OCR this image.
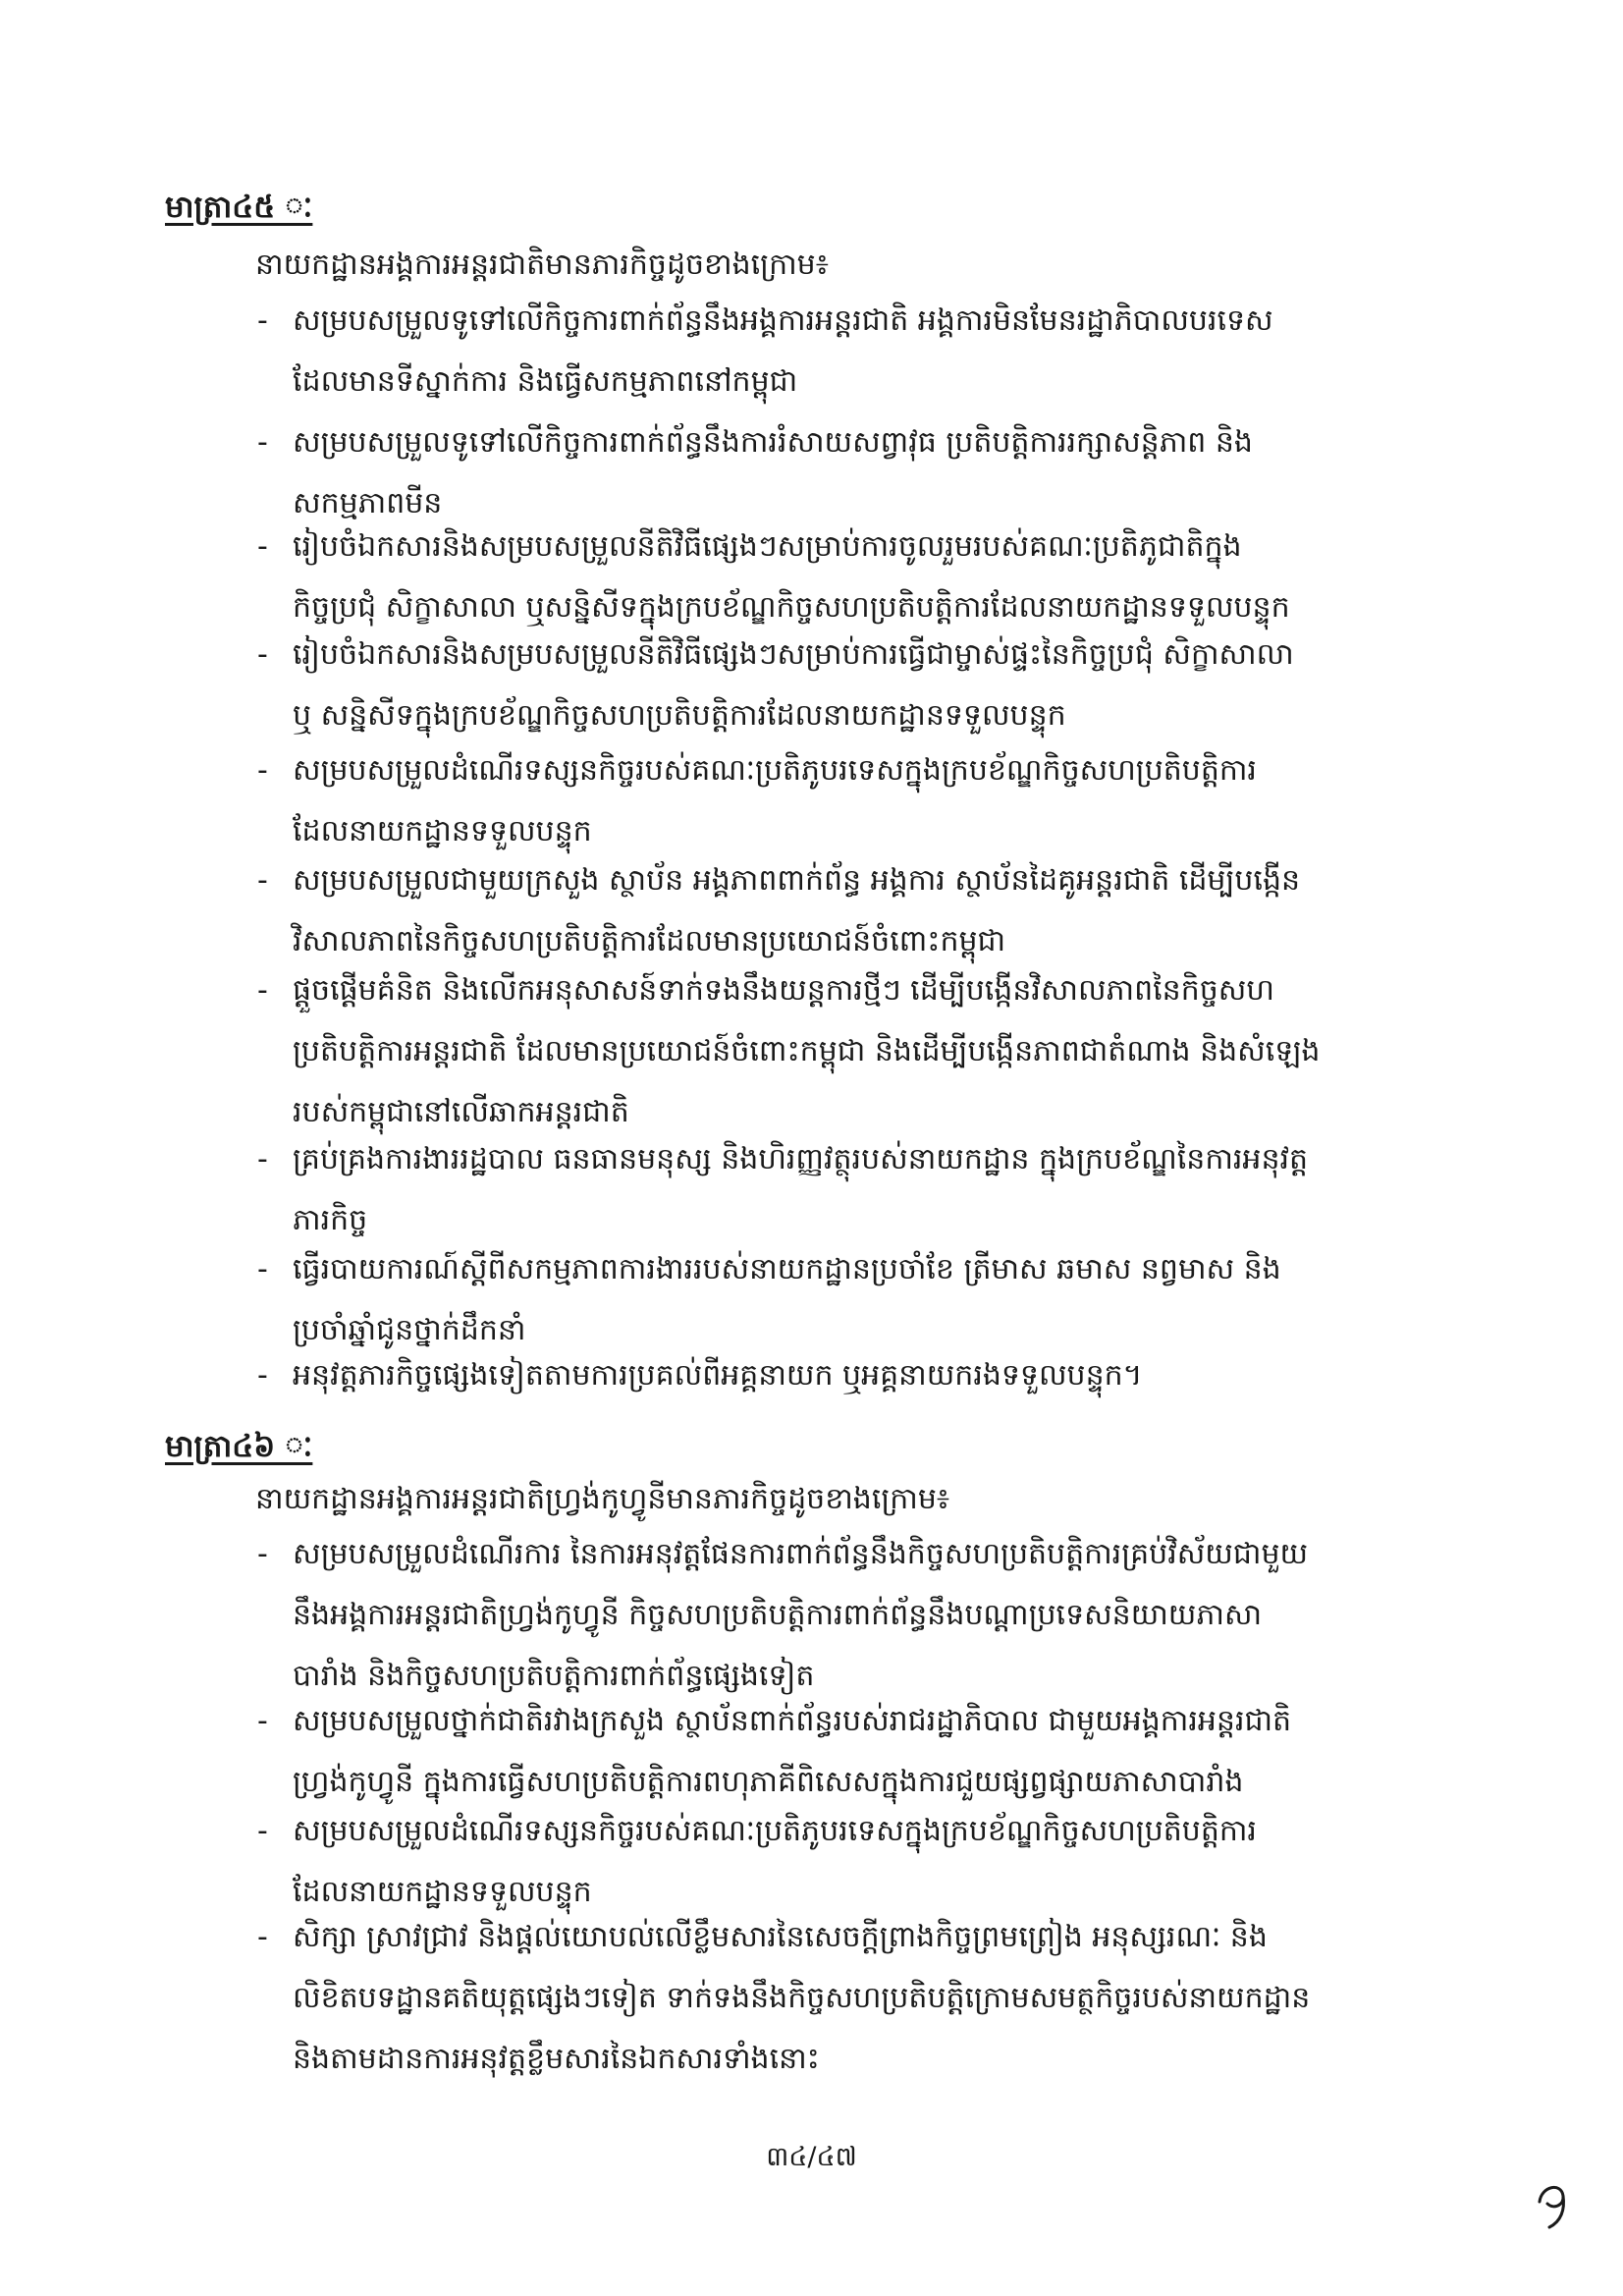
មាត្រា៤៥ ៈ
នាយកដ្ឋានអង្គការអន្តរជាតិមានភារកិច្ចដូចខាងក្រោម៖
- សម្របសម្រួលទូទៅលើកិច្ចការពាក់ព័ន្ធនឹងអង្គការអន្តរជាតិ អង្គការមិនមែនរដ្ឋាភិបាលបរទេស
ដែលមានទីស្នាក់ការ និងធ្វើសកម្មភាពនៅកម្ពុជា
- សម្របសម្រួលទូទៅលើកិច្ចការពាក់ព័ន្ធនឹងការរំសាយសព្វាវុធ ប្រតិបត្តិការរក្សាសន្តិភាព និង
សកម្មភាពមីន
- រៀបចំឯកសារនិងសម្របសម្រួលនីតិវិធីផ្សេងៗសម្រាប់ការចូលរួមរបស់គណៈប្រតិភូជាតិក្នុង
កិច្ចប្រជុំ សិក្ខាសាលា ឬសន្និសីទក្នុងក្របខ័ណ្ឌកិច្ចសហប្រតិបត្តិការដែលនាយកដ្ឋានទទួលបន្ទុក
- រៀបចំឯកសារនិងសម្របសម្រួលនីតិវិធីផ្សេងៗសម្រាប់ការធ្វើជាម្ចាស់ផ្ទះនៃកិច្ចប្រជុំ សិក្ខាសាលា
ឬ សន្និសីទក្នុងក្របខ័ណ្ឌកិច្ចសហប្រតិបត្តិការដែលនាយកដ្ឋានទទួលបន្ទុក
- សម្របសម្រួលដំណើរទស្សនកិច្ចរបស់គណៈប្រតិភូបរទេសក្នុងក្របខ័ណ្ឌកិច្ចសហប្រតិបត្តិការ
ដែលនាយកដ្ឋានទទួលបន្ទុក
- សម្របសម្រួលជាមួយក្រសួង ស្ថាប័ន អង្គភាពពាក់ព័ន្ធ អង្គការ ស្ថាប័នដៃគូអន្តរជាតិ ដើម្បីបង្កើន
វិសាលភាពនៃកិច្ចសហប្រតិបត្តិការដែលមានប្រយោជន៍ចំពោះកម្ពុជា
- ផ្តួចផ្តើមគំនិត និងលើកអនុសាសន៍ទាក់ទងនឹងយន្តការថ្មីៗ ដើម្បីបង្កើនវិសាលភាពនៃកិច្ចសហ
ប្រតិបត្តិការអន្តរជាតិ ដែលមានប្រយោជន៍ចំពោះកម្ពុជា និងដើម្បីបង្កើនភាពជាតំណាង និងសំឡេង
របស់កម្ពុជានៅលើឆាកអន្តរជាតិ
- គ្រប់គ្រងការងាររដ្ឋបាល ធនធានមនុស្ស និងហិរញ្ញវត្ថុរបស់នាយកដ្ឋាន ក្នុងក្របខ័ណ្ឌនៃការអនុវត្ត
ភារកិច្ច
- ធ្វើរបាយការណ៍ស្តីពីសកម្មភាពការងាររបស់នាយកដ្ឋានប្រចាំខែ ត្រីមាស ឆមាស នព្វមាស និង
ប្រចាំឆ្នាំជូនថ្នាក់ដឹកនាំ
- អនុវត្តភារកិច្ចផ្សេងទៀតតាមការប្រគល់ពីអគ្គនាយក ឬអគ្គនាយករងទទួលបន្ទុក។
មាត្រា៤៦ ៈ
នាយកដ្ឋានអង្គការអន្តរជាតិហ្វ្រង់កូហ្វូនីមានភារកិច្ចដូចខាងក្រោម៖
- សម្របសម្រួលដំណើរការ នៃការអនុវត្តផែនការពាក់ព័ន្ធនឹងកិច្ចសហប្រតិបត្តិការគ្រប់វិស័យជាមួយ
នឹងអង្គការអន្តរជាតិហ្វ្រង់កូហ្វូនី កិច្ចសហប្រតិបត្តិការពាក់ព័ន្ធនឹងបណ្តាប្រទេសនិយាយភាសា
បារាំង និងកិច្ចសហប្រតិបត្តិការពាក់ព័ន្ធផ្សេងទៀត
- សម្របសម្រួលថ្នាក់ជាតិរវាងក្រសួង ស្ថាប័នពាក់ព័ន្ធរបស់រាជរដ្ឋាភិបាល ជាមួយអង្គការអន្តរជាតិ
ហ្វ្រង់កូហ្វូនី ក្នុងការធ្វើសហប្រតិបត្តិការពហុភាគីពិសេសក្នុងការជួយផ្សព្វផ្សាយភាសាបារាំង
- សម្របសម្រួលដំណើរទស្សនកិច្ចរបស់គណៈប្រតិភូបរទេសក្នុងក្របខ័ណ្ឌកិច្ចសហប្រតិបត្តិការ
ដែលនាយកដ្ឋានទទួលបន្ទុក
- សិក្សា ស្រាវជ្រាវ និងផ្តល់យោបល់លើខ្លឹមសារនៃសេចក្តីព្រាងកិច្ចព្រមព្រៀង អនុស្សរណៈ និង
លិខិតបទដ្ឋានគតិយុត្តផ្សេងៗទៀត ទាក់ទងនឹងកិច្ចសហប្រតិបត្តិក្រោមសមត្ថកិច្ចរបស់នាយកដ្ឋាន
និងតាមដានការអនុវត្តខ្លឹមសារនៃឯកសារទាំងនោះ
៣៤/៤៧
